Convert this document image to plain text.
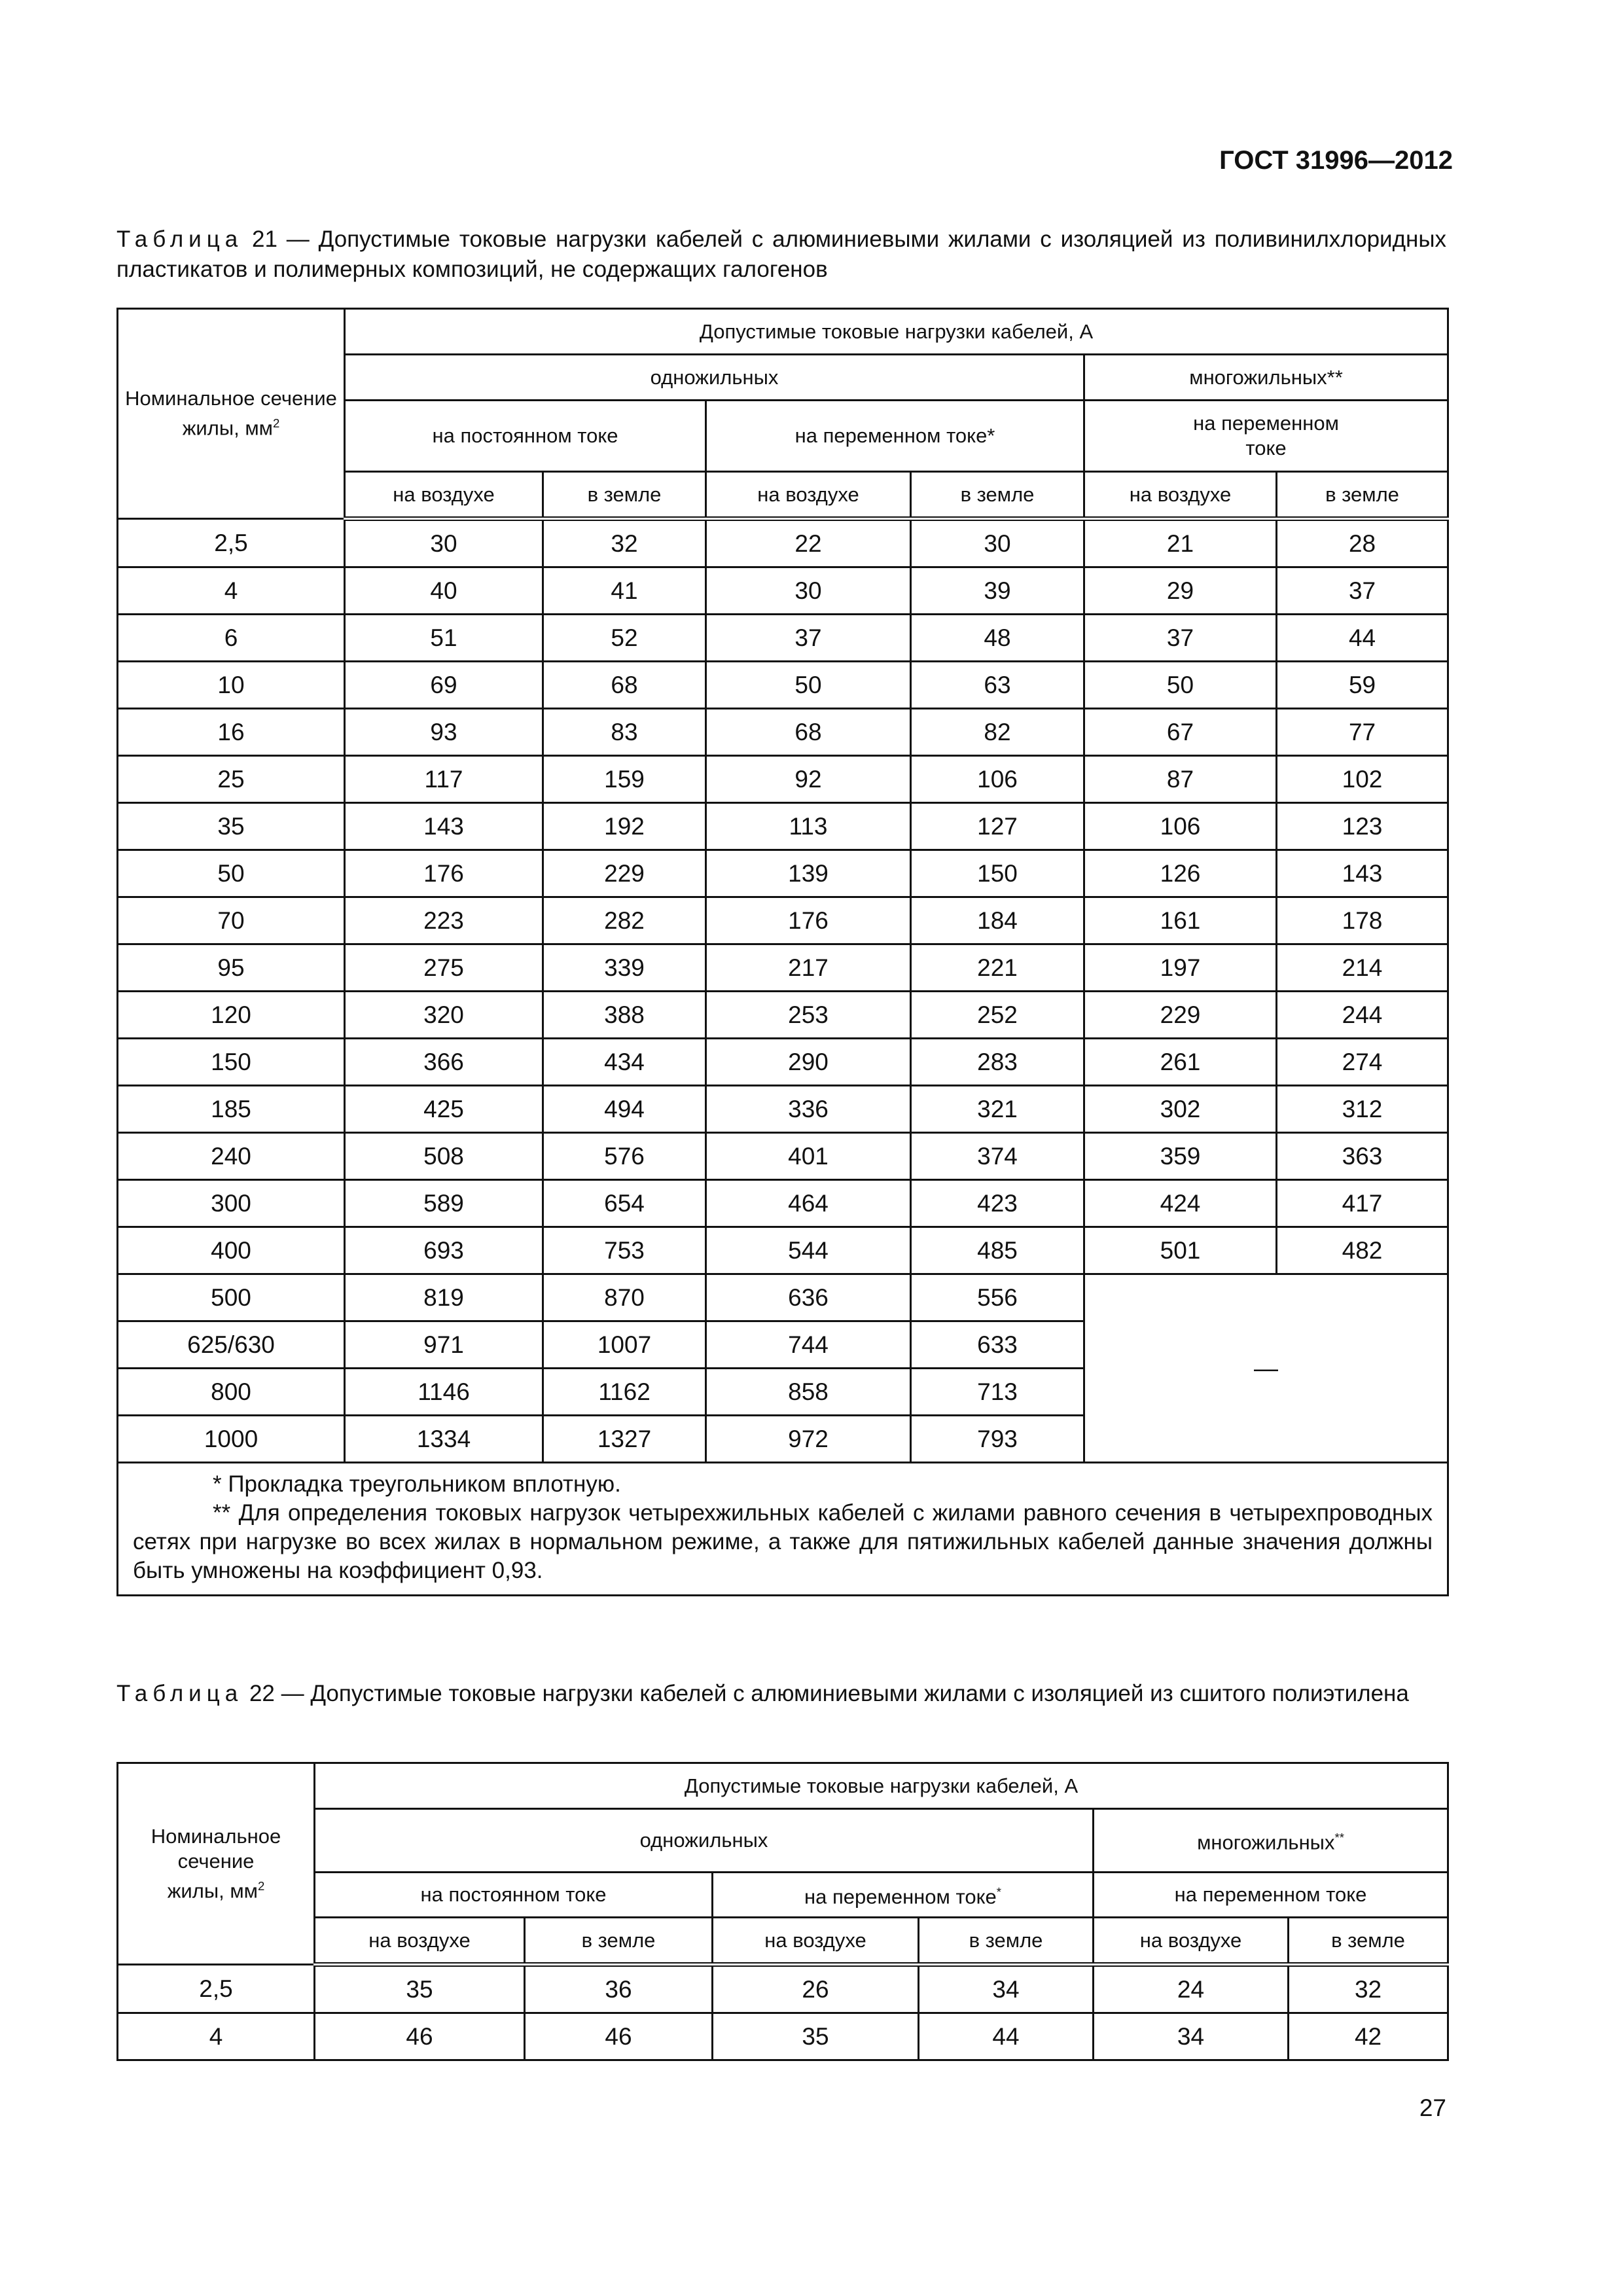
ГОСТ 31996—2012
Таблица 21 — Допустимые токовые нагрузки кабелей с алюминиевыми жилами с изоляцией из поливинилхлоридных пластикатов и полимерных композиций, не содержащих галогенов
Номинальное сечение жилы, $мм^2$	Допустимые токовые нагрузки кабелей, А					
	одножильных				многожильных**	
	на постоянном токе		на переменном токе*		на переменном токе	

	на воздухе	в земле	на воздухе	в земле	на воздухе	в земле
2,5	30	32	22	30	21	28
4	40	41	30	39	29	37
6	51	52	37	48	37	44
10	69	68	50	63	50	59
16	93	83	68	82	67	77
25	117	159	92	106	87	102
35	143	192	113	127	106	123
50	176	229	139	150	126	143
70	223	282	176	184	161	178
95	275	339	217	221	197	214
120	320	388	253	252	229	244
150	366	434	290	283	261	274
185	425	494	336	321	302	312
240	508	576	401	374	359	363
300	589	654	464	423	424	417
400	693	753	544	485	501	482
500	819	870	636	556	—	
625/630	971	1007	744	633		
800	1146	1162	858	713		
1000	1334	1327	972	793		

* Прокладка треугольником вплотную.
** Для определения токовых нагрузок четырехжильных кабелей с жилами равного сечения в четырехпроводных сетях при нагрузке во всех жилах в нормальном режиме, а также для пятижильных кабелей данные значения должны быть умножены на коэффициент 0,93.						
Таблица 22 — Допустимые токовые нагрузки кабелей с алюминиевыми жилами с изоляцией из сшитого полиэтилена
Номинальное сечение жилы, $мм^2$	Допустимые токовые нагрузки кабелей, А					
	одножильных				многожильных**
	на постоянном токе		на переменном токе*		на переменном токе	
	на воздухе	в земле	на воздухе	в земле	на воздухе	в земле
2,5	35	36	26	34	24	32
4	46	46	35	44	34	42
27
